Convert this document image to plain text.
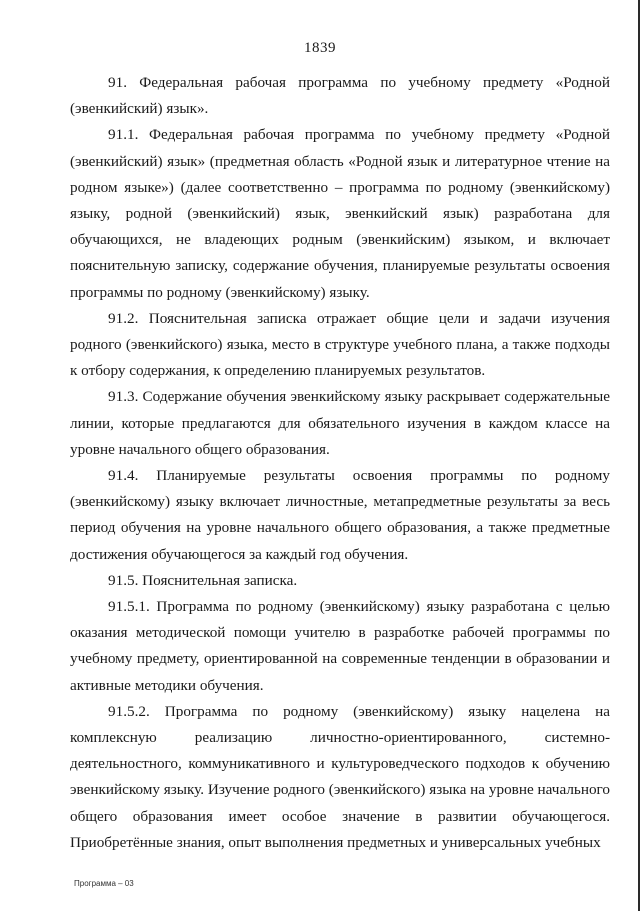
1839

91. Федеральная рабочая программа по учебному предмету «Родной (эвенкийский) язык».

91.1. Федеральная рабочая программа по учебному предмету «Родной (эвенкийский) язык» (предметная область «Родной язык и литературное чтение на родном языке») (далее соответственно – программа по родному (эвенкийскому) языку, родной (эвенкийский) язык, эвенкийский язык) разработана для обучающихся, не владеющих родным (эвенкийским) языком, и включает пояснительную записку, содержание обучения, планируемые результаты освоения программы по родному (эвенкийскому) языку.

91.2. Пояснительная записка отражает общие цели и задачи изучения родного (эвенкийского) языка, место в структуре учебного плана, а также подходы к отбору содержания, к определению планируемых результатов.

91.3. Содержание обучения эвенкийскому языку раскрывает содержательные линии, которые предлагаются для обязательного изучения в каждом классе на уровне начального общего образования.

91.4. Планируемые результаты освоения программы по родному (эвенкийскому) языку включает личностные, метапредметные результаты за весь период обучения на уровне начального общего образования, а также предметные достижения обучающегося за каждый год обучения.

91.5. Пояснительная записка.

91.5.1. Программа по родному (эвенкийскому) языку разработана с целью оказания методической помощи учителю в разработке рабочей программы по учебному предмету, ориентированной на современные тенденции в образовании и активные методики обучения.

91.5.2. Программа по родному (эвенкийскому) языку нацелена на комплексную реализацию личностно-ориентированного, системно-деятельностного, коммуникативного и культуроведческого подходов к обучению эвенкийскому языку. Изучение родного (эвенкийского) языка на уровне начального общего образования имеет особое значение в развитии обучающегося. Приобретённые знания, опыт выполнения предметных и универсальных учебных

Программа – 03
